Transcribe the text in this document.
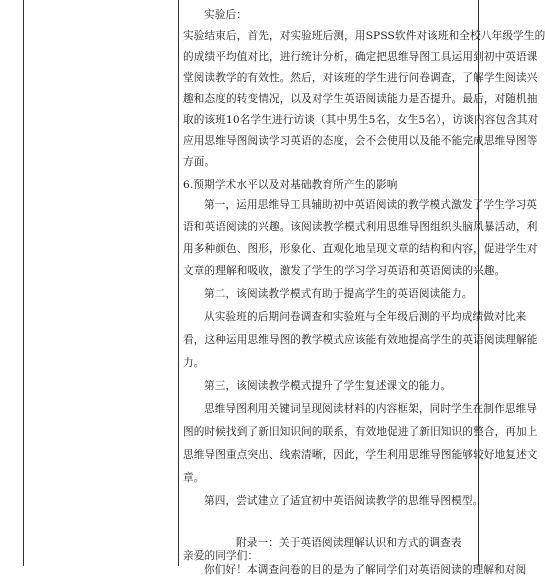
实验后：
实验结束后，首先，对实验班后测，用SPSS软件对该班和全校八年级学生的
的成绩平均值对比，进行统计分析，确定把思维导图工具运用到初中英语课
堂阅读教学的有效性。然后，对该班的学生进行问卷调查，了解学生阅读兴
趣和态度的转变情况，以及对学生英语阅读能力是否提升。最后，对随机抽
取的该班10名学生进行访谈（其中男生5名，女生5名），访谈内容包含其对
应用思维导图阅读学习英语的态度，会不会使用以及能不能完成思维导图等
方面。
6.预期学术水平以及对基础教育所产生的影响
第一，运用思维导工具辅助初中英语阅读的教学模式激发了学生学习英
语和英语阅读的兴趣。该阅读教学模式利用思维导图组织头脑风暴活动，利
用多种颜色、图形，形象化、直观化地呈现文章的结构和内容，促进学生对
文章的理解和吸收，激发了学生的学习学习英语和英语阅读的兴趣。
第二，该阅读教学模式有助于提高学生的英语阅读能力。
从实验班的后期问卷调查和实验班与全年级后测的平均成绩做对比来
看，这种运用思维导图的教学模式应该能有效地提高学生的英语阅读理解能
力。
第三，该阅读教学模式提升了学生复述课文的能力。
思维导图利用关键词呈现阅读材料的内容框架，同时学生在制作思维导
图的时候找到了新旧知识间的联系，有效地促进了新旧知识的整合，再加上
思维导图重点突出、线索清晰，因此，学生利用思维导图能够较好地复述文
章。
第四，尝试建立了适宜初中英语阅读教学的思维导图模型。
附录一：关于英语阅读理解认识和方式的调查表
亲爱的同学们：
你们好！本调查问卷的目的是为了解同学们对英语阅读的理解和对阅
